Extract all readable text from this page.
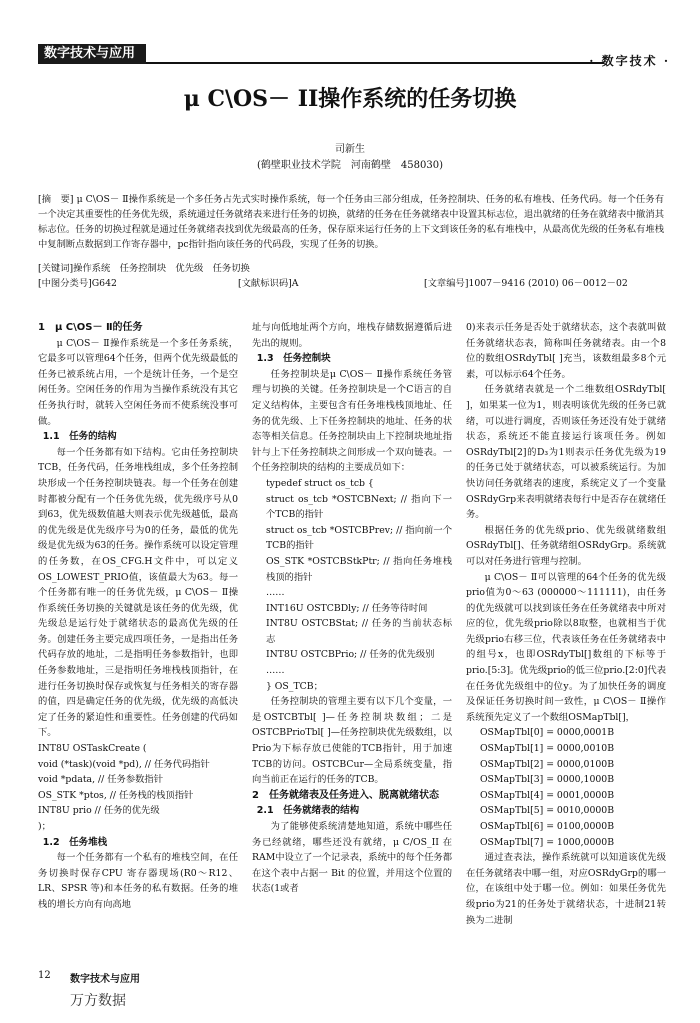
数字技术与应用	· 数字技术 ·
μ C\OS－ II操作系统的任务切换
司新生
(鹤壁职业技术学院　河南鹤壁　458030)
[摘　要] μ C\OS－ Ⅱ操作系统是一个多任务占先式实时操作系统，每一个任务由三部分组成，任务控制块、任务的私有堆栈、任务代码。每一个任务有一个决定其重要性的任务优先级，系统通过任务就绪表来进行任务的切换，就绪的任务在任务就绪表中设置其标志位，退出就绪的任务在就绪表中撤消其标志位。任务的切换过程就是通过任务就绪表找到优先级最高的任务，保存原来运行任务的上下文到该任务的私有堆栈中，从最高优先级的任务私有堆栈中复制断点数据到工作寄存器中，pc指针指向该任务的代码段，实现了任务的切换。
[关键词]操作系统　任务控制块　优先级　任务切换
[中图分类号]G642	[文献标识码]A	[文章编号]1007－9416 (2010) 06－0012－02
1　μ C\OS－ Ⅱ的任务

μ C\OS－ Ⅱ操作系统是一个多任务系统，它最多可以管理64个任务，但两个优先级最低的任务已被系统占用，一个是统计任务，一个是空闲任务。空闲任务的作用为当操作系统没有其它任务执行时，就转入空闲任务而不使系统没事可做。

1.1　任务的结构

每一个任务都有如下结构。它由任务控制块TCB，任务代码，任务堆栈组成，多个任务控制块形成一个任务控制块链表。每一个任务在创建时都被分配有一个任务优先级，优先级序号从0到63，优先级数值越大则表示优先级越低，最高的优先级是优先级序号为0的任务，最低的优先级是优先级为63的任务。操作系统可以设定管理的任务数，在OS_CFG.H文件中，可以定义OS_LOWEST_PRIO值，该值最大为63。每一个任务都有唯一的任务优先级，μ C\OS－ Ⅱ操作系统任务切换的关键就是该任务的优先级，优先级总是运行处于就绪状态的最高优先级的任务。创建任务主要完成四项任务，一是指出任务代码存放的地址，二是指明任务参数指针，也即任务参数地址，三是指明任务堆栈栈顶指针，在进行任务切换时保存或恢复与任务相关的寄存器的值，四是确定任务的优先级，优先级的高低决定了任务的紧迫性和重要性。任务创建的代码如下。

INT8U OSTaskCreate (

void (*task)(void *pd), // 任务代码指针

void *pdata, // 任务参数指针

OS_STK *ptos, // 任务栈的栈顶指针

INT8U prio // 任务的优先级

)；

1.2　任务堆栈

每一个任务都有一个私有的堆栈空间，在任务切换时保存CPU 寄存器现场(R0～R12、LR、SPSR 等)和本任务的私有数据。任务的堆栈的增长方向有向高地

址与向低地址两个方向，堆栈存储数据遵循后进先出的规则。

1.3　任务控制块

任务控制块是μ C\OS－ Ⅱ操作系统任务管理与切换的关键。任务控制块是一个C语言的自定义结构体，主要包含有任务堆栈栈顶地址、任务的优先级、上下任务控制块的地址、任务的状态等相关信息。任务控制块由上下控制块地址指针与上下任务控制块之间形成一个双向链表。一个任务控制块的结构的主要成员如下：

typedef struct os_tcb {

struct os_tcb *OSTCBNext; // 指向下一个TCB的指针

struct os_tcb *OSTCBPrev; // 指向前一个TCB的指针

OS_STK *OSTCBStkPtr; // 指向任务堆栈栈顶的指针

……

INT16U OSTCBDly; // 任务等待时间

INT8U OSTCBStat; // 任务的当前状态标志

INT8U OSTCBPrio; // 任务的优先级别

……

} OS_TCB；

任务控制块的管理主要有以下几个变量，一是OSTCBTbl[ ]—任务控制块数组；二是OSTCBPrioTbl[ ]—任务控制块优先级数组，以Prio为下标存放已使能的TCB指针，用于加速TCB的访问。OSTCBCur—全局系统变量，指向当前正在运行的任务的TCB。

2　任务就绪表及任务进入、脱离就绪状态
2.1　任务就绪表的结构

为了能够使系统清楚地知道，系统中哪些任务已经就绪，哪些还没有就绪，μ C/OS_II 在 RAM中设立了一个记录表，系统中的每个任务都在这个表中占据一 Bit 的位置，并用这个位置的状态(1或者

0)来表示任务是否处于就绪状态，这个表就叫做任务就绪状态表，简称叫任务就绪表。由一个8位的数组OSRdyTbl[ ]充当，该数组最多8个元素，可以标示64个任务。

任务就绪表就是一个二维数组OSRdyTbl[ ]，如果某一位为1，则表明该优先级的任务已就绪，可以进行调度，否则该任务还没有处于就绪状态，系统还不能直接运行该项任务。例如OSRdyTbl[2]的D₃为1则表示任务优先级为19的任务已处于就绪状态，可以被系统运行。为加快访问任务就绪表的速度，系统定义了一个变量OSRdyGrp来表明就绪表每行中是否存在就绪任务。

根据任务的优先级prio、优先级就绪数组OSRdyTbl[]、任务就绪组OSRdyGrp。系统就可以对任务进行管理与控制。

μ C\OS－ Ⅱ可以管理的64个任务的优先级prio值为0～63 (000000～111111)，由任务的优先级就可以找到该任务在任务就绪表中所对应的位，优先级prio除以8取整，也就相当于优先级prio右移三位，代表该任务在任务就绪表中的组号x，也即OSRdyTbl[]数组的下标等于prio.[5:3]。优先级prio的低三位prio.[2:0]代表在任务优先级组中的位y。为了加快任务的调度及保证任务切换时间一致性，μ C\OS－ Ⅱ操作系统预先定义了一个数组OSMapTbl[]，

OSMapTbl[0] = 0000,0001B

OSMapTbl[1] = 0000,0010B

OSMapTbl[2] = 0000,0100B

OSMapTbl[3] = 0000,1000B

OSMapTbl[4] = 0001,0000B

OSMapTbl[5] = 0010,0000B

OSMapTbl[6] = 0100,0000B

OSMapTbl[7] = 1000,0000B

通过查表法，操作系统就可以知道该优先级在任务就绪表中哪一组，对应OSRdyGrp的哪一位，在该组中处于哪一位。例如：如果任务优先级prio为21的任务处于就绪状态，十进制21转换为二进制

12 数字技术与应用
万方数据
